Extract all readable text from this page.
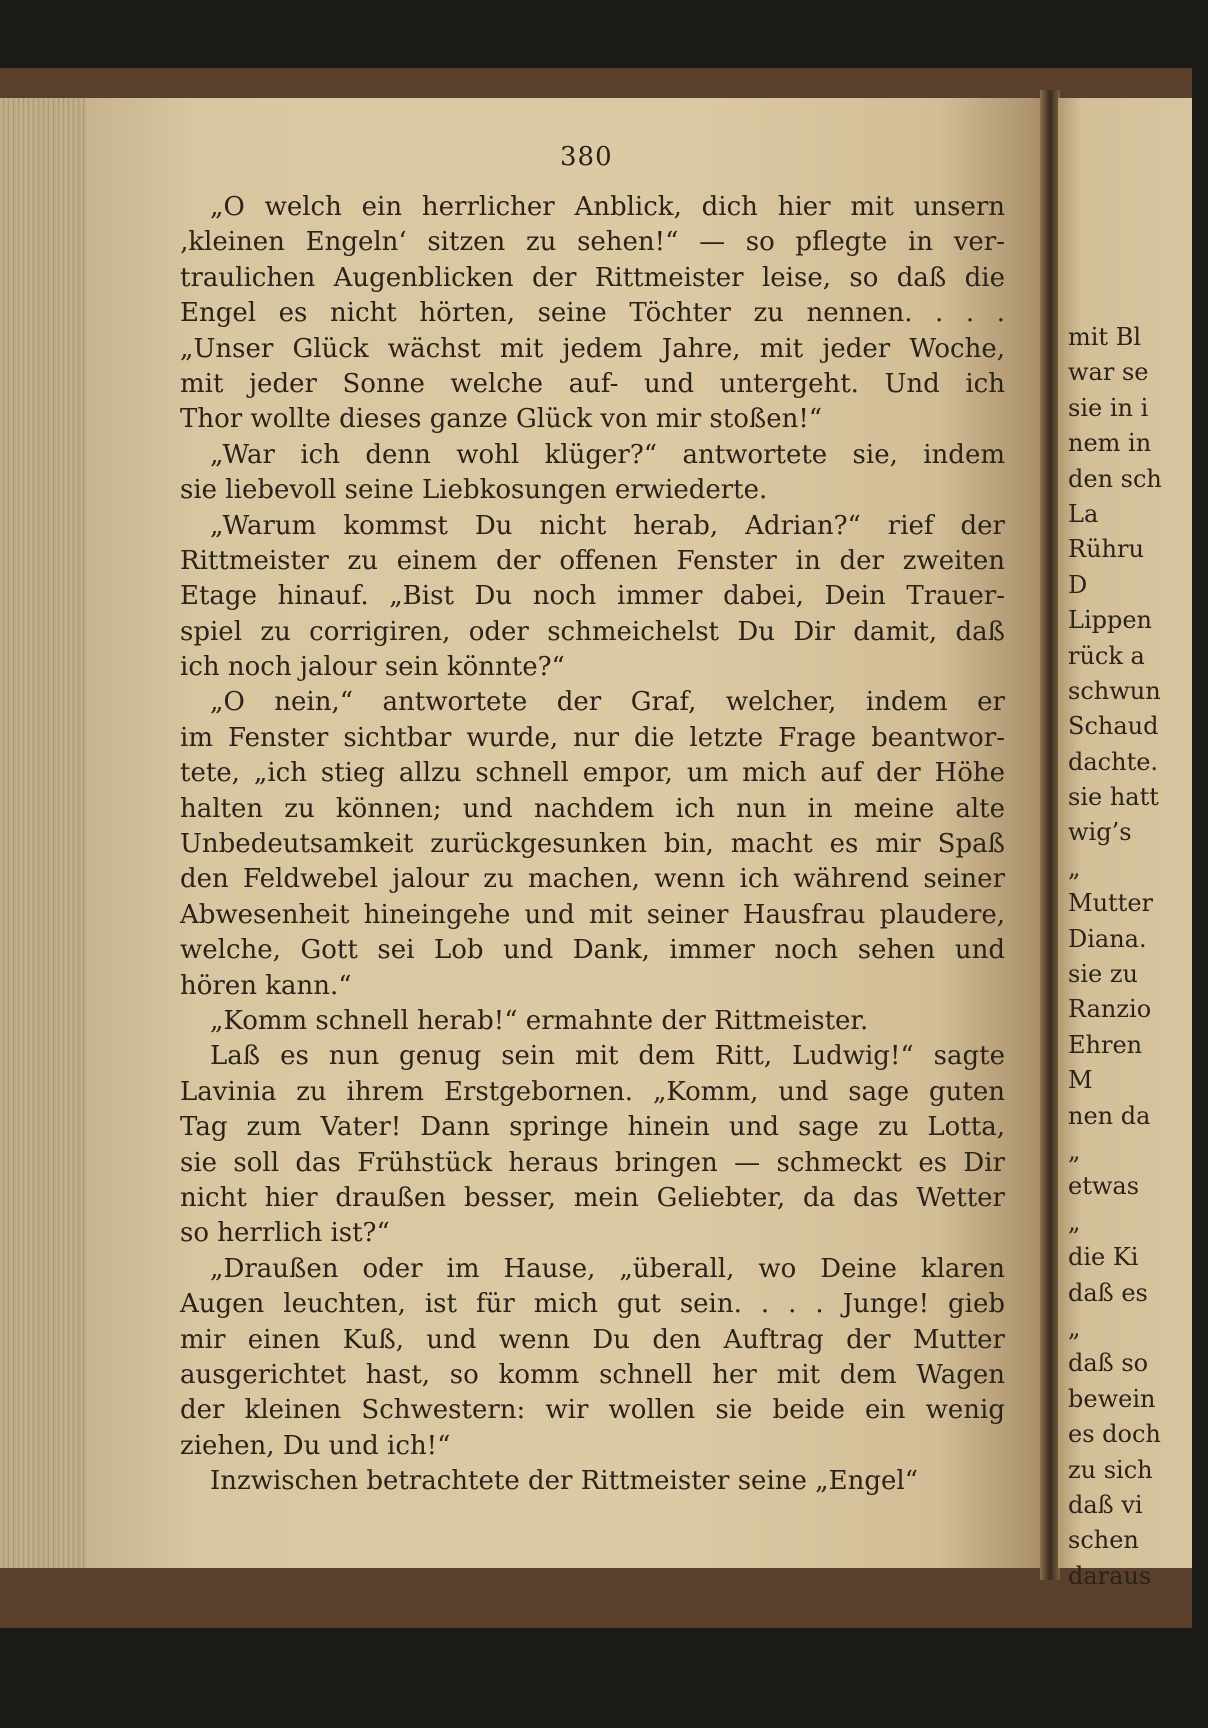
380
„O welch ein herrlicher Anblick, dich hier mit unsern
‚kleinen Engeln‘ sitzen zu sehen!“ — so pflegte in ver-
traulichen Augenblicken der Rittmeister leise, so daß die
Engel es nicht hörten, seine Töchter zu nennen. . . .
„Unser Glück wächst mit jedem Jahre, mit jeder Woche,
mit jeder Sonne welche auf- und untergeht. Und ich
Thor wollte dieses ganze Glück von mir stoßen!“
„War ich denn wohl klüger?“ antwortete sie, indem
sie liebevoll seine Liebkosungen erwiederte.
„Warum kommst Du nicht herab, Adrian?“ rief der
Rittmeister zu einem der offenen Fenster in der zweiten
Etage hinauf. „Bist Du noch immer dabei, Dein Trauer-
spiel zu corrigiren, oder schmeichelst Du Dir damit, daß
ich noch jalour sein könnte?“
„O nein,“ antwortete der Graf, welcher, indem er
im Fenster sichtbar wurde, nur die letzte Frage beantwor-
tete, „ich stieg allzu schnell empor, um mich auf der Höhe
halten zu können; und nachdem ich nun in meine alte
Unbedeutsamkeit zurückgesunken bin, macht es mir Spaß
den Feldwebel jalour zu machen, wenn ich während seiner
Abwesenheit hineingehe und mit seiner Hausfrau plaudere,
welche, Gott sei Lob und Dank, immer noch sehen und
hören kann.“
„Komm schnell herab!“ ermahnte der Rittmeister.
Laß es nun genug sein mit dem Ritt, Ludwig!“ sagte
Lavinia zu ihrem Erstgebornen. „Komm, und sage guten
Tag zum Vater! Dann springe hinein und sage zu Lotta,
sie soll das Frühstück heraus bringen — schmeckt es Dir
nicht hier draußen besser, mein Geliebter, da das Wetter
so herrlich ist?“
„Draußen oder im Hause, „überall, wo Deine klaren
Augen leuchten, ist für mich gut sein. . . . Junge! gieb
mir einen Kuß, und wenn Du den Auftrag der Mutter
ausgerichtet hast, so komm schnell her mit dem Wagen
der kleinen Schwestern: wir wollen sie beide ein wenig
ziehen, Du und ich!“
Inzwischen betrachtete der Rittmeister seine „Engel“
mit Bl
war se
sie in i
nem in
den sch
La
Rühru
D
Lippen
rück a
schwun
Schaud
dachte.
sie hatt
wig’s
„
Mutter
Diana.
sie zu
Ranzio
Ehren
M
nen da
„
etwas
„
die Ki
daß es
„
daß so
bewein
es doch
zu sich
daß vi
schen
daraus
